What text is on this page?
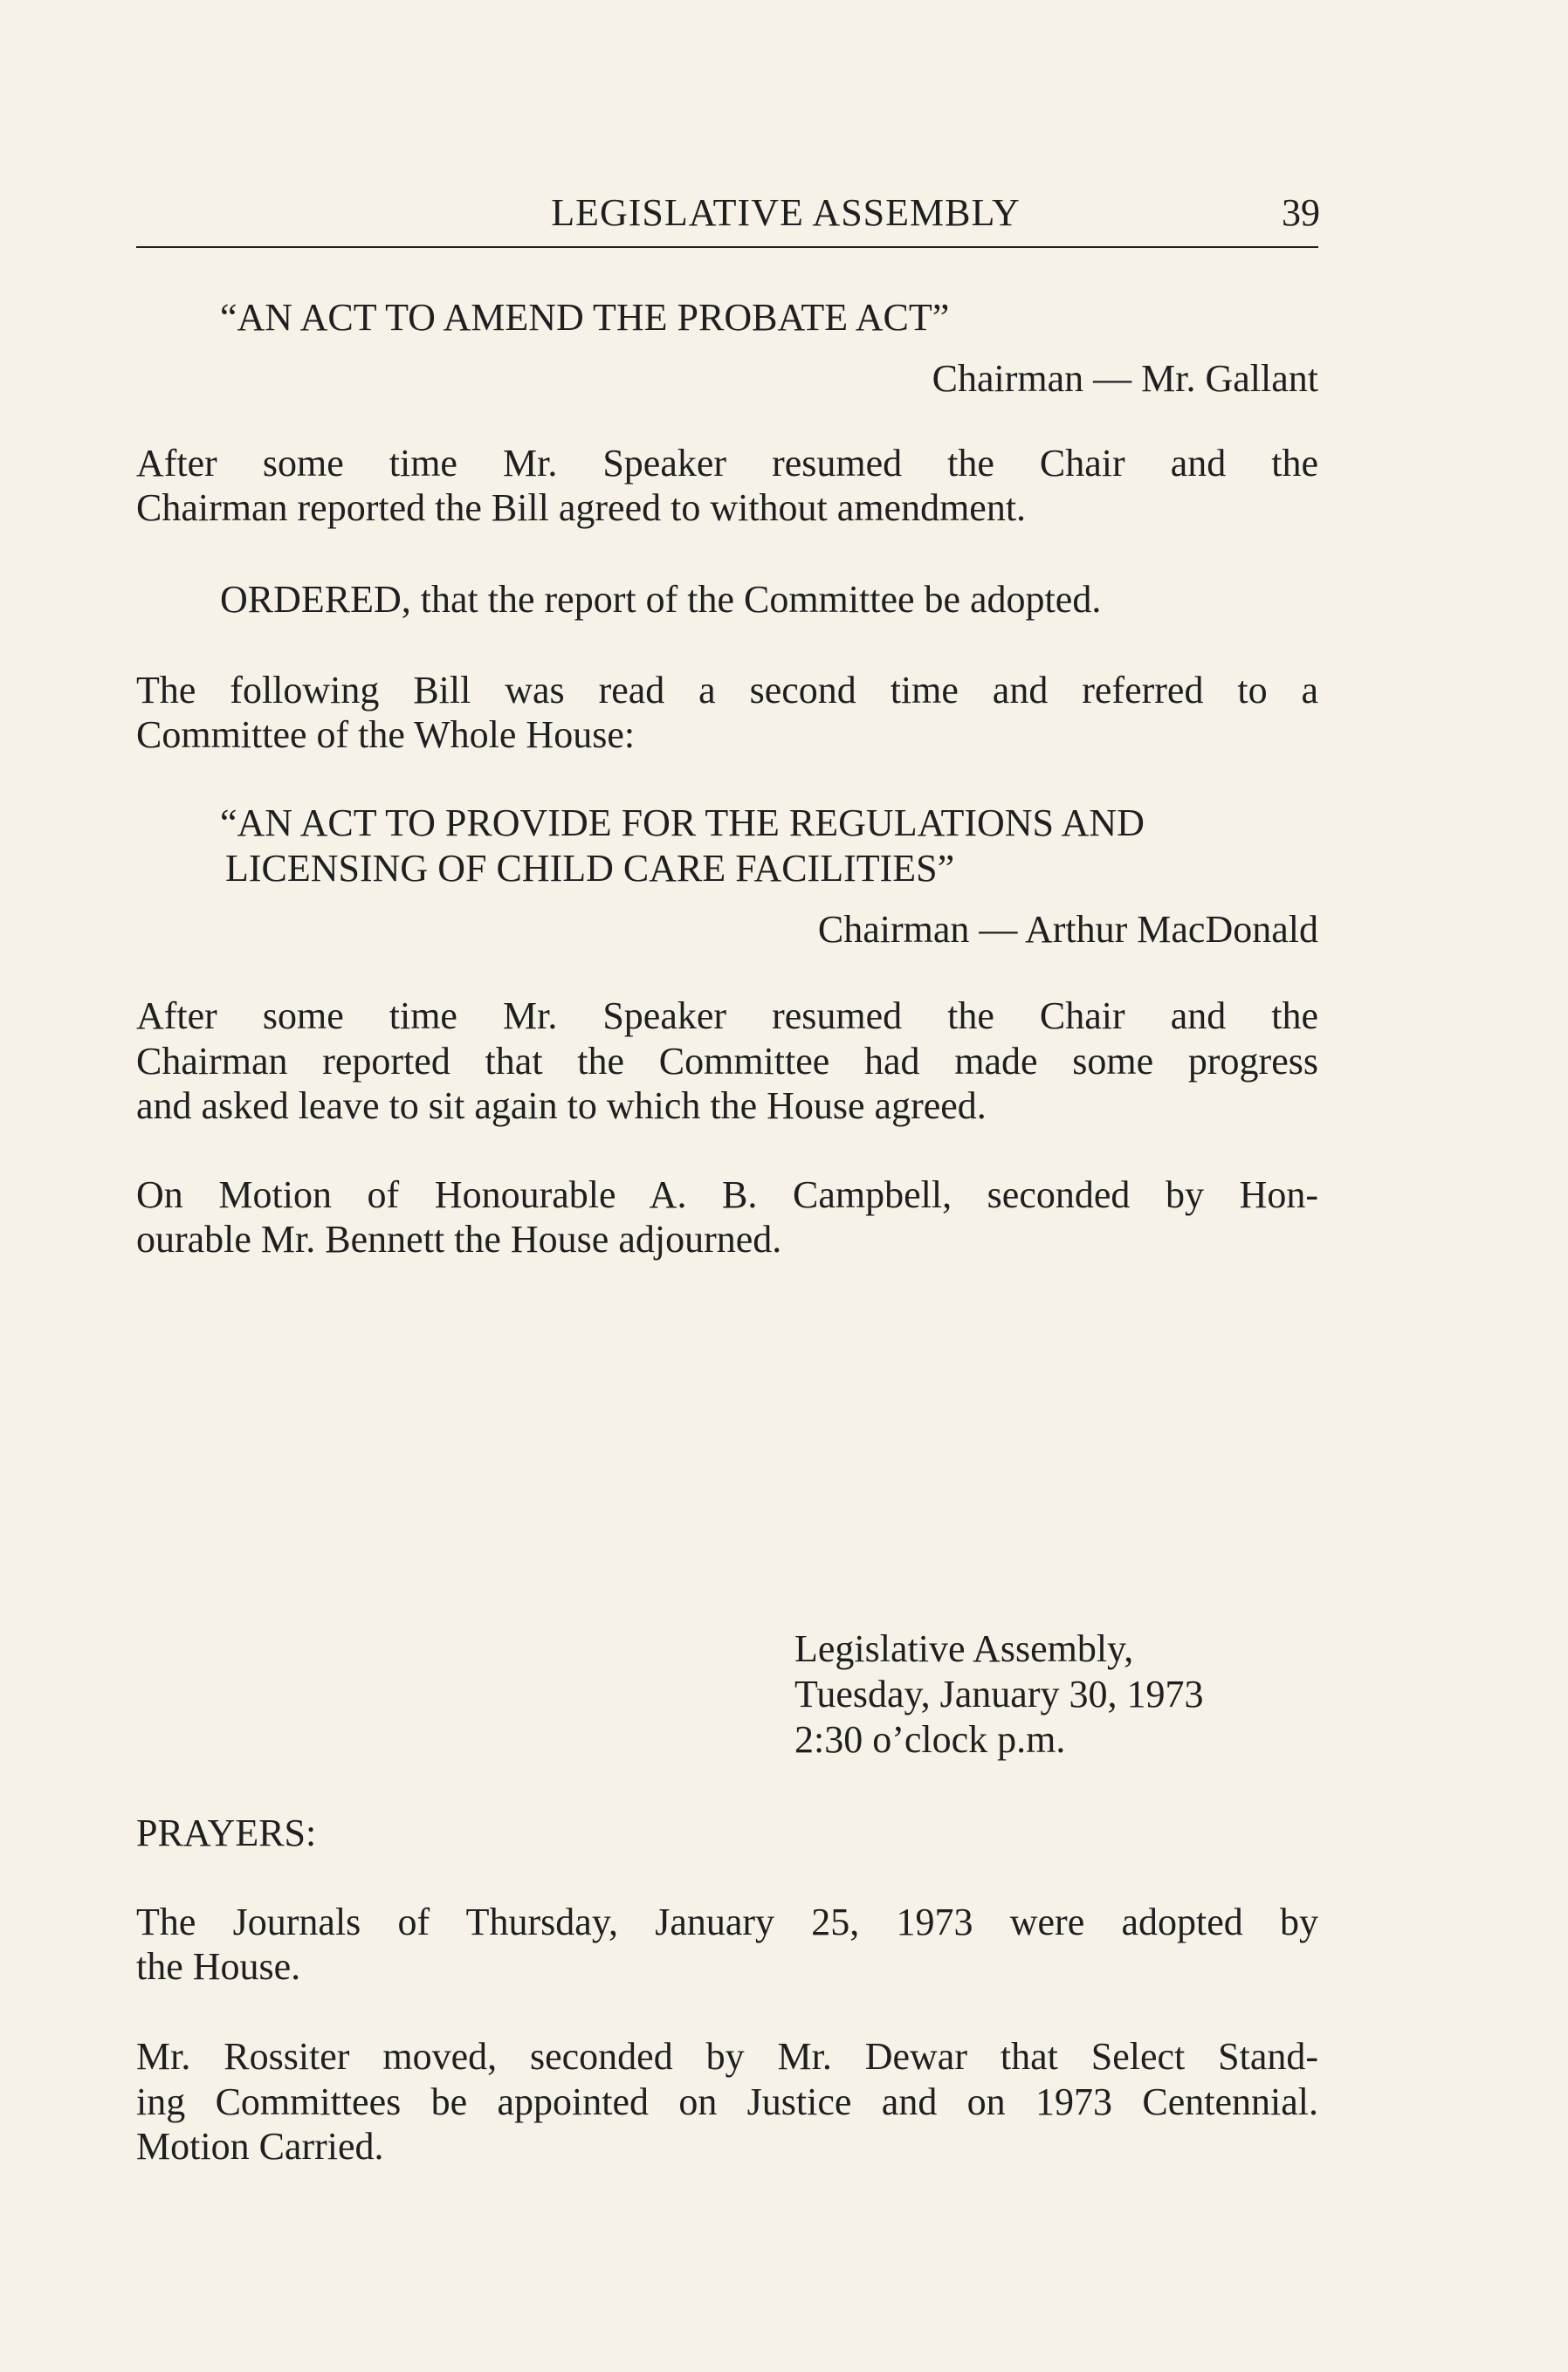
LEGISLATIVE ASSEMBLY	39
“AN ACT TO AMEND THE PROBATE ACT”
Chairman — Mr. Gallant
After some time Mr. Speaker resumed the Chair and the
Chairman reported the Bill agreed to without amendment.
ORDERED, that the report of the Committee be adopted.
The following Bill was read a second time and referred to a
Committee of the Whole House:
“AN ACT TO PROVIDE FOR THE REGULATIONS AND
LICENSING OF CHILD CARE FACILITIES”
Chairman — Arthur MacDonald
After some time Mr. Speaker resumed the Chair and the
Chairman reported that the Committee had made some progress
and asked leave to sit again to which the House agreed.
On Motion of Honourable A. B. Campbell, seconded by Hon-
ourable Mr. Bennett the House adjourned.
Legislative Assembly,
Tuesday, January 30, 1973
2:30 o’clock p.m.
PRAYERS:
The Journals of Thursday, January 25, 1973 were adopted by
the House.
Mr. Rossiter moved, seconded by Mr. Dewar that Select Stand-
ing Committees be appointed on Justice and on 1973 Centennial.
Motion Carried.
